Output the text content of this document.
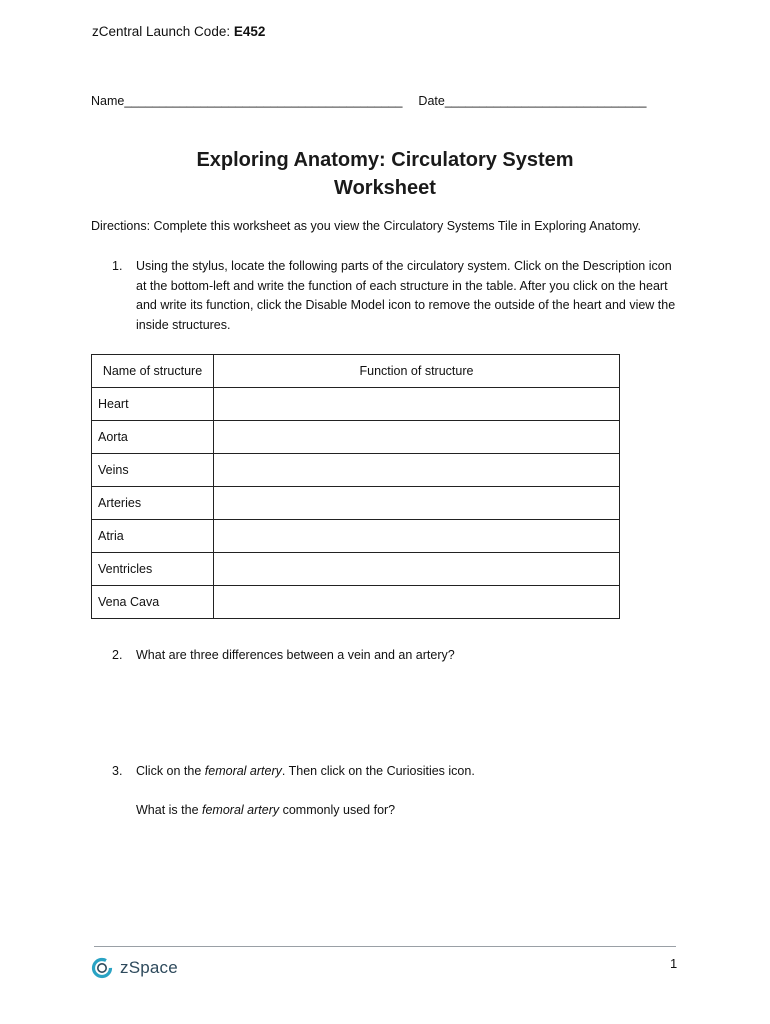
zCentral Launch Code: E452
Name________________________________________ Date_____________________________
Exploring Anatomy: Circulatory System
Worksheet
Directions: Complete this worksheet as you view the Circulatory Systems Tile in Exploring Anatomy.
1. Using the stylus, locate the following parts of the circulatory system. Click on the Description icon at the bottom-left and write the function of each structure in the table. After you click on the heart and write its function, click the Disable Model icon to remove the outside of the heart and view the inside structures.
Name of structure	Function of structure
Heart	
Aorta	
Veins	
Arteries	
Atria	
Ventricles	
Vena Cava	
2. What are three differences between a vein and an artery?
3. Click on the femoral artery. Then click on the Curiosities icon.
What is the femoral artery commonly used for?
zSpace	1
